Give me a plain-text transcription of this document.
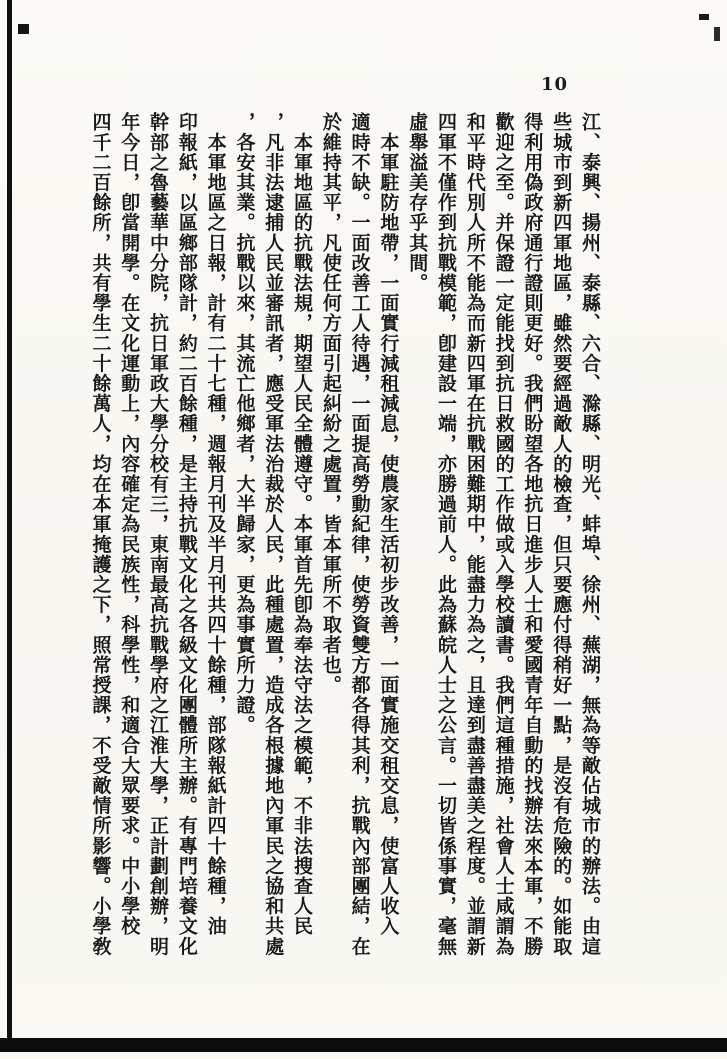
10
江、泰興、揚州、泰縣、六合、滁縣、明光、蚌埠、徐州、蕪湖，無為等敵佔城市的辦法。由這
些城市到新四軍地區，雖然要經過敵人的檢查，但只要應付得稍好一點，是沒有危險的。如能取
得利用偽政府通行證則更好。我們盼望各地抗日進步人士和愛國青年自動的找辦法來本軍，不勝
歡迎之至。并保證一定能找到抗日救國的工作做或入學校讀書。我們這種措施，社會人士咸謂為
和平時代別人所不能為而新四軍在抗戰困難期中，能盡力為之，且達到盡善盡美之程度。並謂新
四軍不僅作到抗戰模範，卽建設一端，亦勝過前人。此為蘇皖人士之公言。一切皆係事實，毫無
虛舉溢美存乎其間。
　本軍駐防地帶，一面實行減租減息，使農家生活初步改善，一面實施交租交息，使富人收入
適時不缺。一面改善工人待遇，一面提高勞動紀律，使勞資雙方都各得其利，抗戰內部團結，在
於維持其平，凡使任何方面引起糾紛之處置，皆本軍所不取者也。
　本軍地區的抗戰法規，期望人民全體遵守。本軍首先卽為奉法守法之模範，不非法搜查人民
，凡非法逮捕人民並審訊者，應受軍法治裁於人民，此種處置，造成各根據地內軍民之協和共處
，各安其業。抗戰以來，其流亡他鄉者，大半歸家，更為事實所力證。
　本軍地區之日報，計有二十七種，週報月刊及半月刊共四十餘種，部隊報紙計四十餘種，油
印報紙，以區鄉部隊計，約二百餘種，是主持抗戰文化之各級文化團體所主辦。有專門培養文化
幹部之魯藝華中分院，抗日軍政大學分校有三，東南最高抗戰學府之江淮大學，正計劃創辦，明
年今日，卽當開學。在文化運動上，內容確定為民族性，科學性，和適合大眾要求。中小學校
四千二百餘所，共有學生二十餘萬人，均在本軍掩護之下，照常授課，不受敵情所影響。小學敎
